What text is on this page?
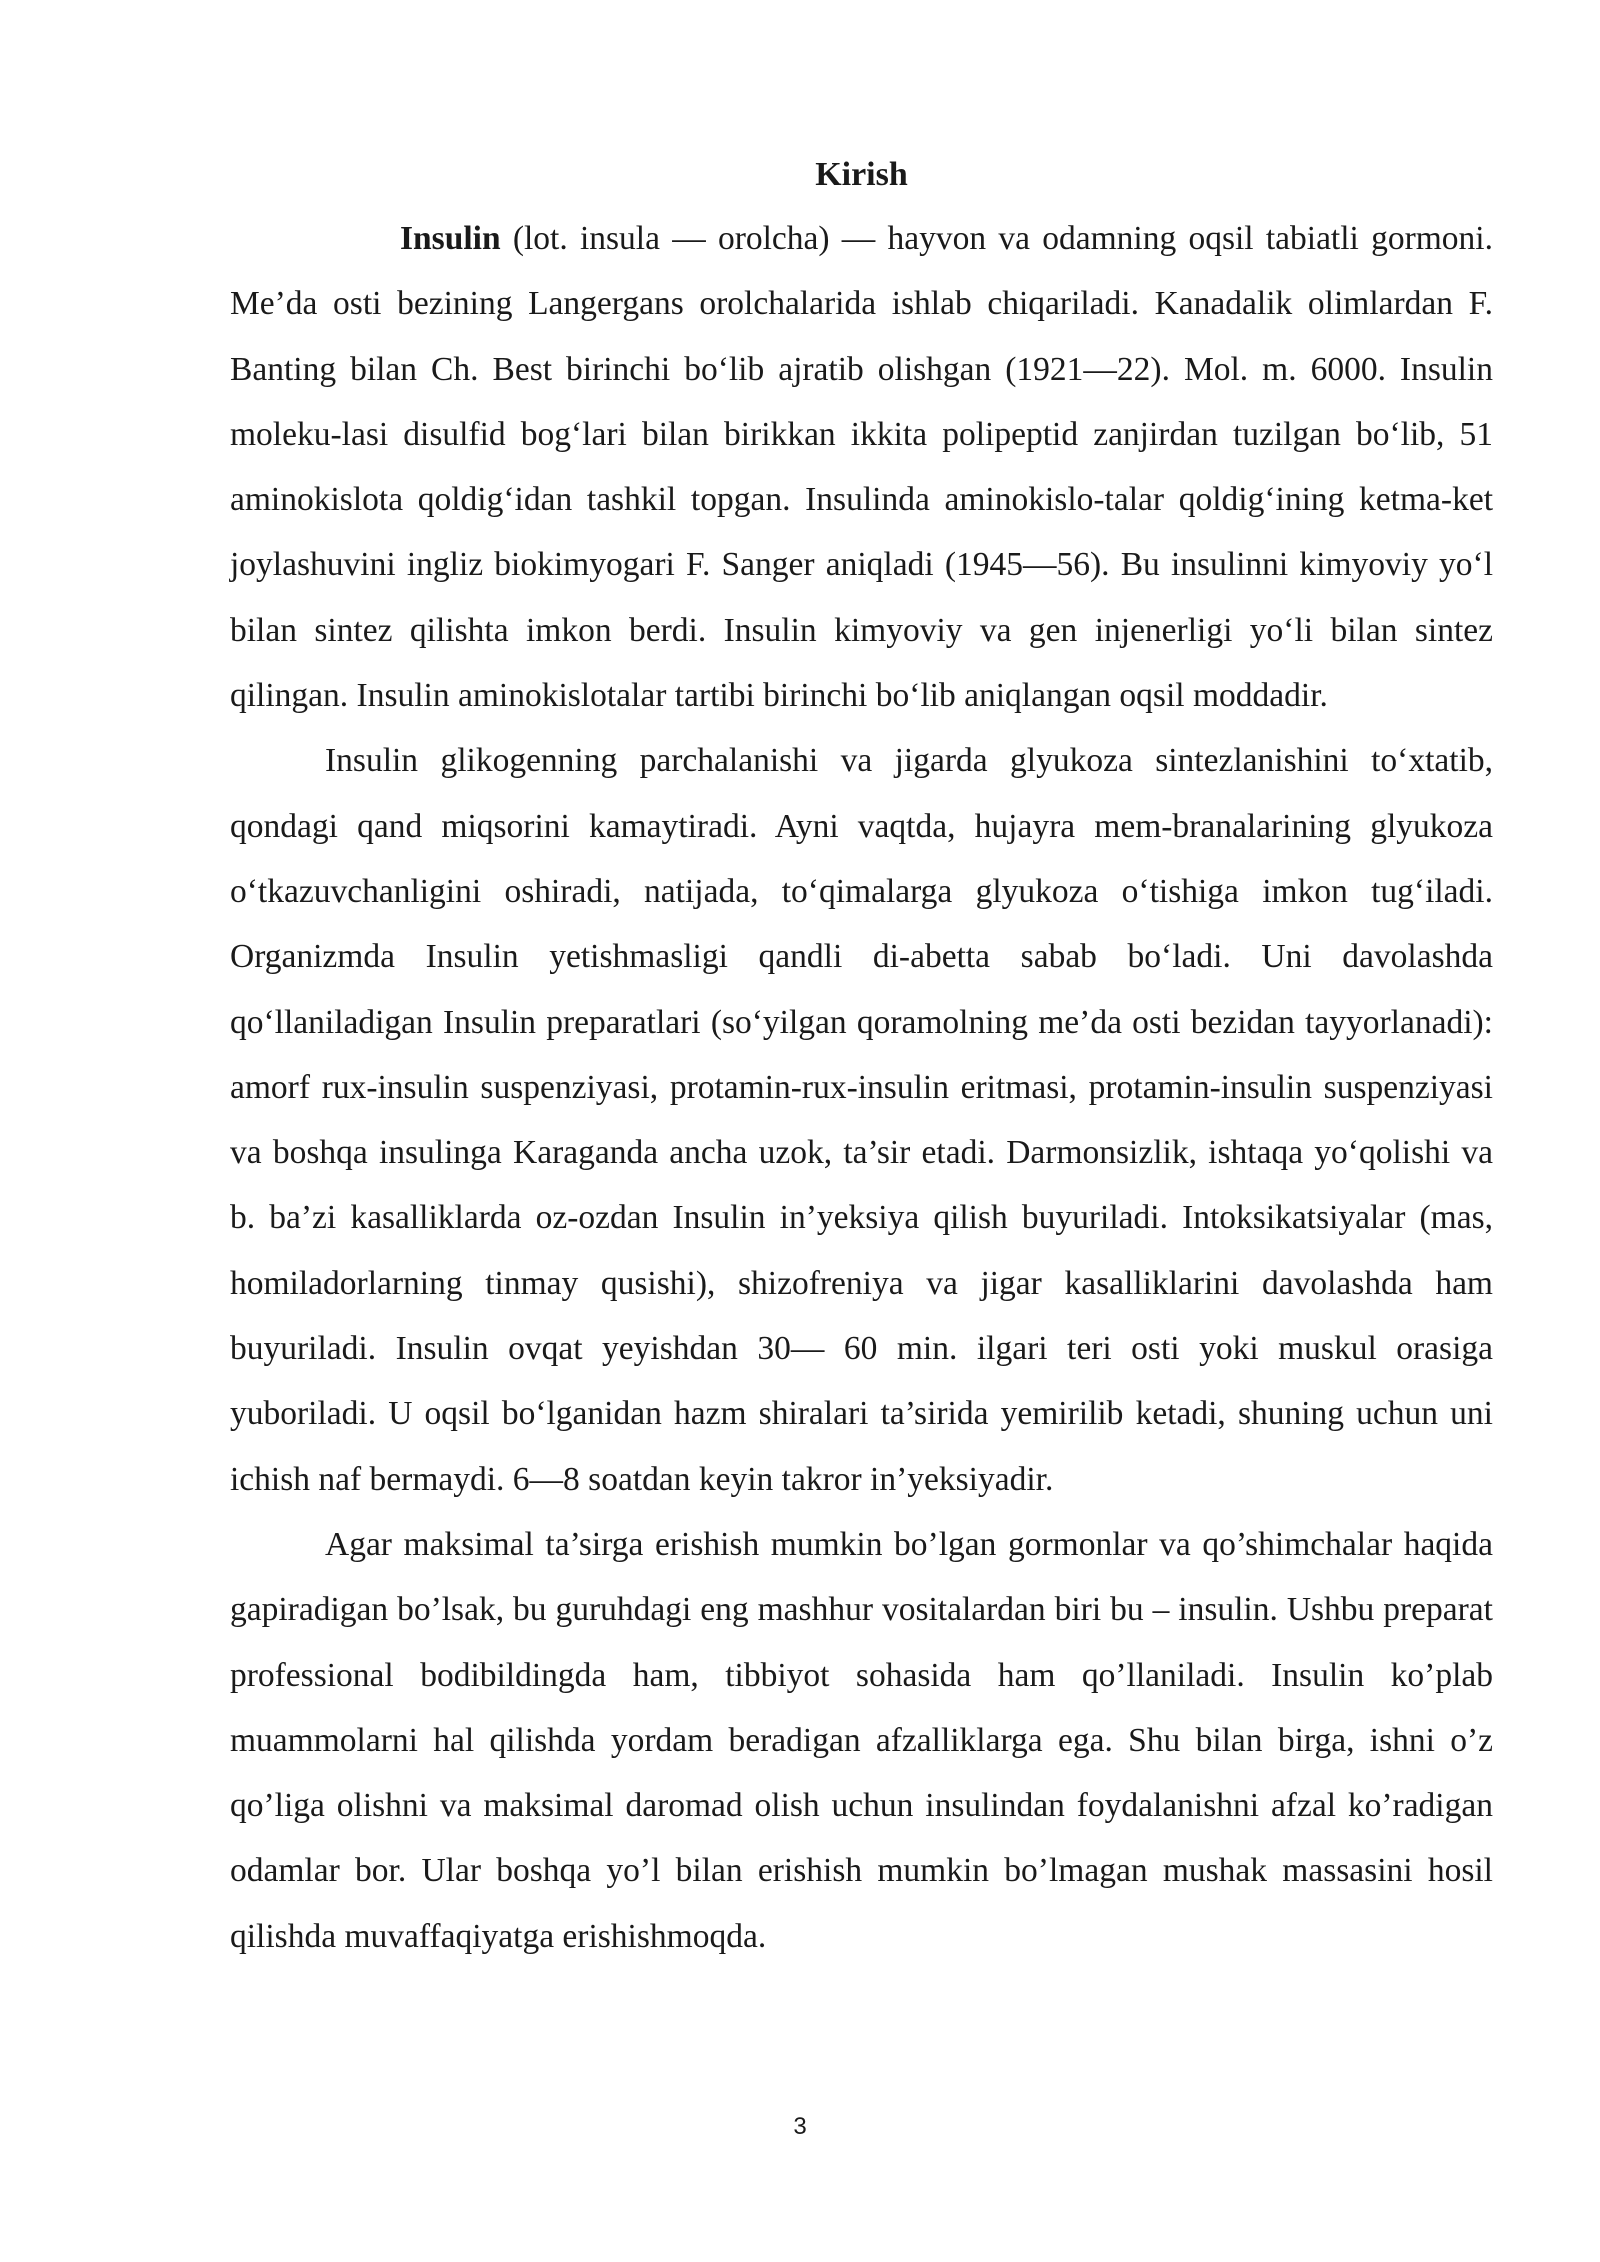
Kirish

Insulin (lot. insula — orolcha) — hayvon va odamning oqsil tabiatli gormoni. Me’da osti bezining Langergans orolchalarida ishlab chiqariladi. Kanadalik olimlardan F. Banting bilan Ch. Best birinchi bo‘lib ajratib olishgan (1921—22). Mol. m. 6000. Insulin moleku-lasi disulfid bog‘lari bilan birikkan ikkita polipeptid zanjirdan tuzilgan bo‘lib, 51 aminokislota qoldig‘idan tashkil topgan. Insulinda aminokislo-talar qoldig‘ining ketma-ket joylashuvini ingliz biokimyogari F. Sanger aniqladi (1945—56). Bu insulinni kimyoviy yo‘l bilan sintez qilishta imkon berdi. Insulin kimyoviy va gen injenerligi yo‘li bilan sintez qilingan. Insulin aminokislotalar tartibi birinchi bo‘lib aniqlangan oqsil moddadir.

Insulin glikogenning parchalanishi va jigarda glyukoza sintezlanishini to‘xtatib, qondagi qand miqsorini kamaytiradi. Ayni vaqtda, hujayra mem-branalarining glyukoza o‘tkazuvchanligini oshiradi, natijada, to‘qimalarga glyukoza o‘tishiga imkon tug‘iladi. Organizmda Insulin yetishmasligi qandli di-abetta sabab bo‘ladi. Uni davolashda qo‘llaniladigan Insulin preparatlari (so‘yilgan qoramolning me’da osti bezidan tayyorlanadi): amorf rux-insulin suspenziyasi, protamin-rux-insulin eritmasi, protamin-insulin suspenziyasi va boshqa insulinga Karaganda ancha uzok, ta’sir etadi. Darmonsizlik, ishtaqa yo‘qolishi va b. ba’zi kasalliklarda oz-ozdan Insulin in’yeksiya qilish buyuriladi. Intoksikatsiyalar (mas, homiladorlarning tinmay qusishi), shizofreniya va jigar kasalliklarini davolashda ham buyuriladi. Insulin ovqat yeyishdan 30— 60 min. ilgari teri osti yoki muskul orasiga yuboriladi. U oqsil bo‘lganidan hazm shiralari ta’sirida yemirilib ketadi, shuning uchun uni ichish naf bermaydi. 6—8 soatdan keyin takror in’yeksiyadir.

Agar maksimal ta’sirga erishish mumkin bo’lgan gormonlar va qo’shimchalar haqida gapiradigan bo’lsak, bu guruhdagi eng mashhur vositalardan biri bu – insulin. Ushbu preparat professional bodibildingda ham, tibbiyot sohasida ham qo’llaniladi. Insulin ko’plab muammolarni hal qilishda yordam beradigan afzalliklarga ega. Shu bilan birga, ishni o’z qo’liga olishni va maksimal daromad olish uchun insulindan foydalanishni afzal ko’radigan odamlar bor. Ular boshqa yo’l bilan erishish mumkin bo’lmagan mushak massasini hosil qilishda muvaffaqiyatga erishishmoqda.

3
